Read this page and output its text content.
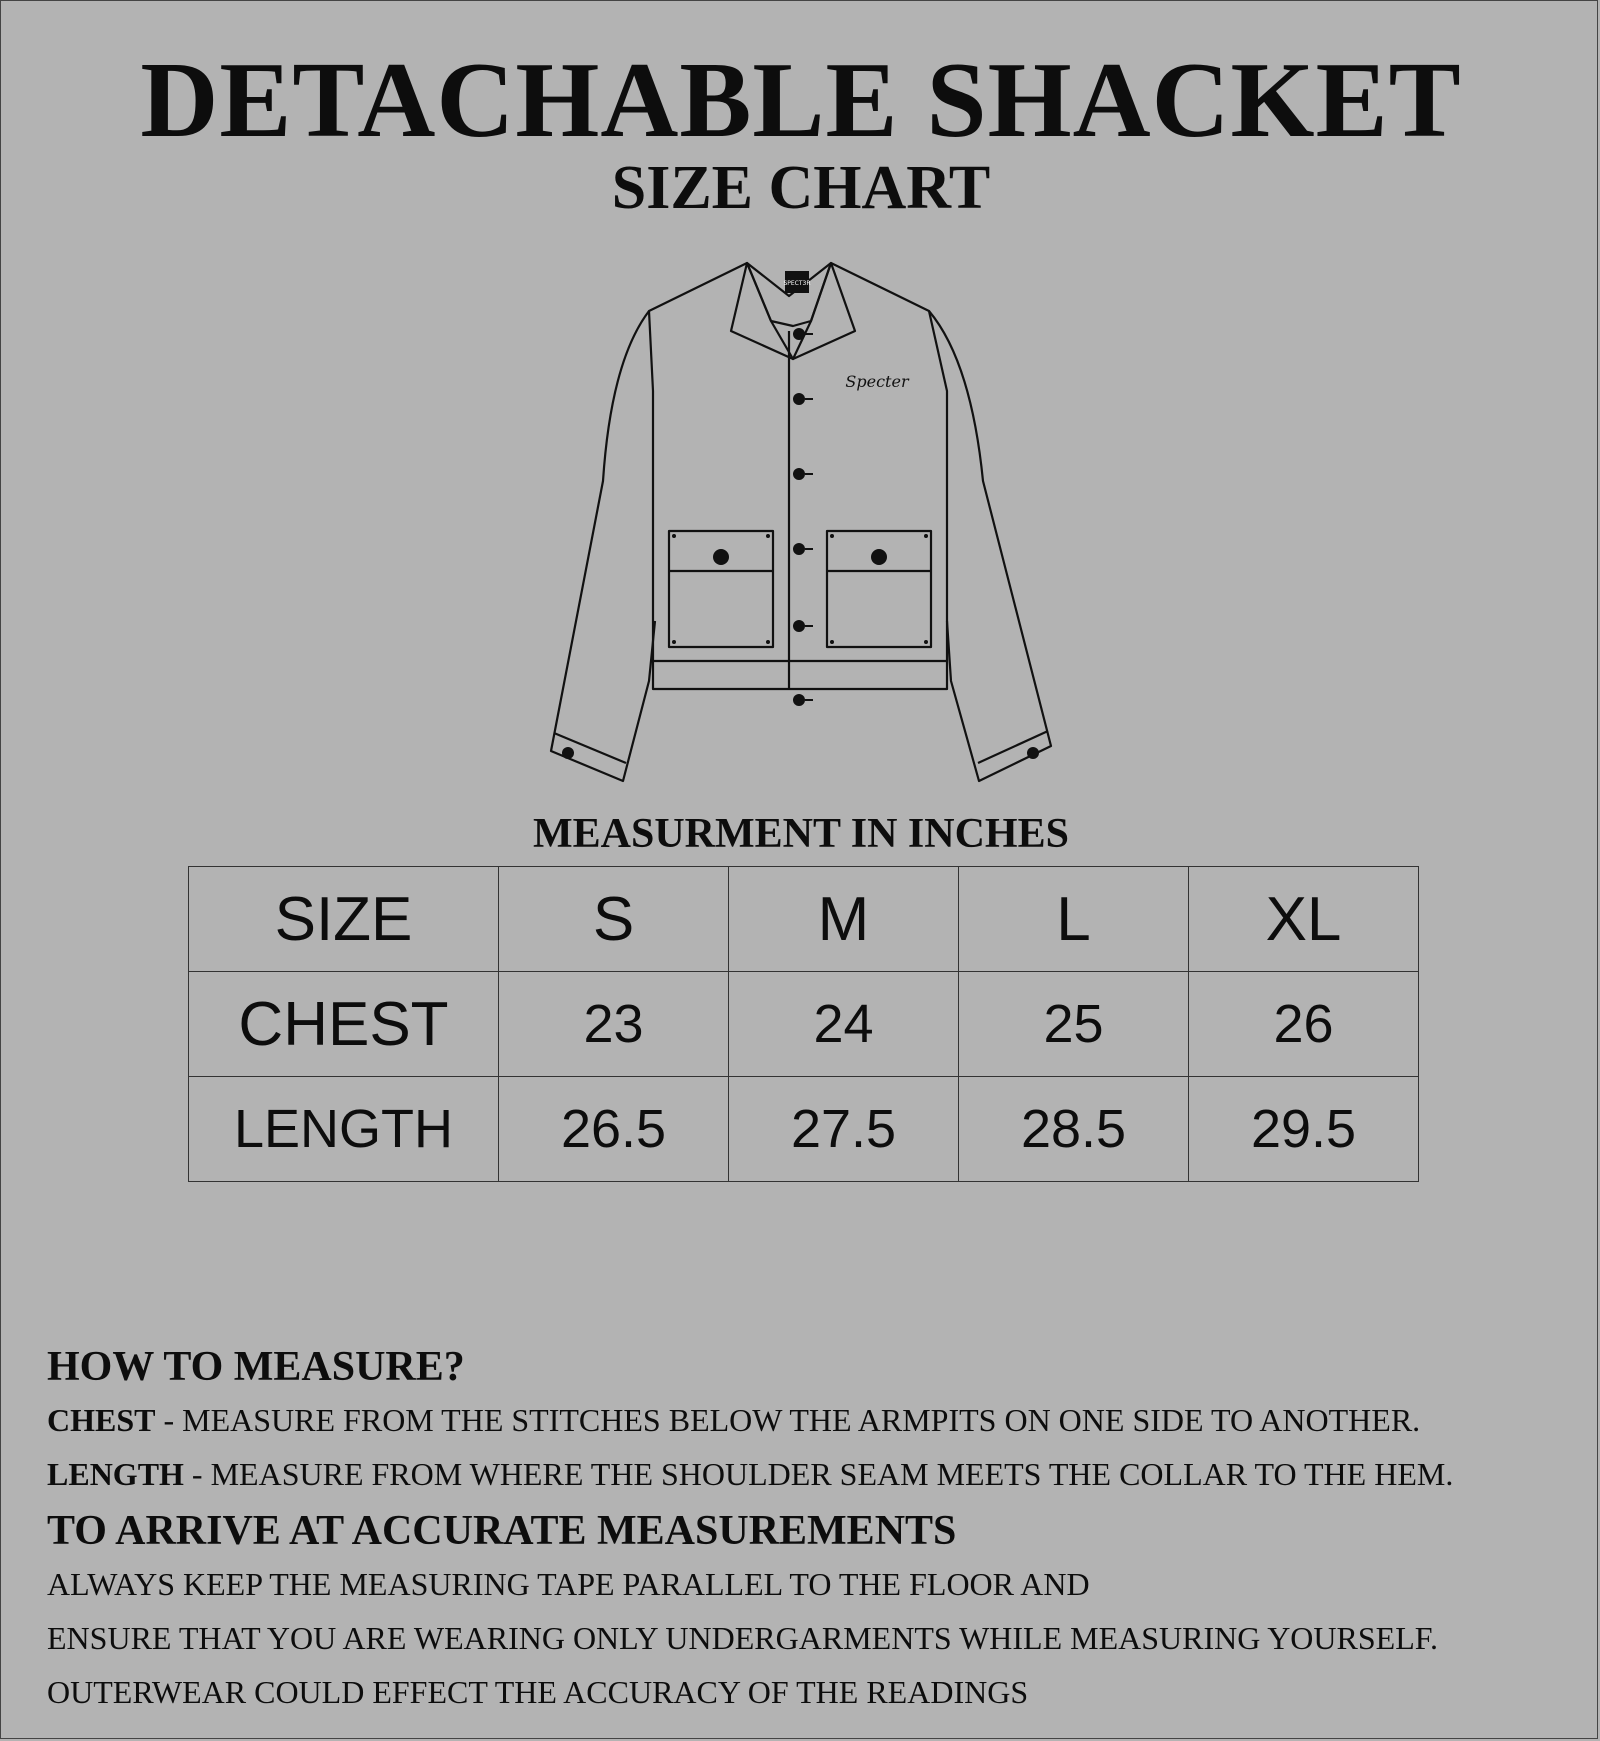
DETACHABLE SHACKET
SIZE CHART
SPECT3R
Specter
MEASURMENT IN INCHES
SIZE	S	M	L	XL
CHEST	23	24	25	26
LENGTH	26.5	27.5	28.5	29.5
HOW TO MEASURE?
CHEST - MEASURE FROM THE STITCHES BELOW THE ARMPITS ON ONE SIDE TO ANOTHER.
LENGTH - MEASURE FROM WHERE THE SHOULDER SEAM MEETS THE COLLAR TO THE HEM.
TO ARRIVE AT ACCURATE MEASUREMENTS
ALWAYS KEEP THE MEASURING TAPE PARALLEL TO THE FLOOR AND
ENSURE THAT YOU ARE WEARING ONLY UNDERGARMENTS WHILE MEASURING YOURSELF.
OUTERWEAR COULD EFFECT THE ACCURACY OF THE READINGS
